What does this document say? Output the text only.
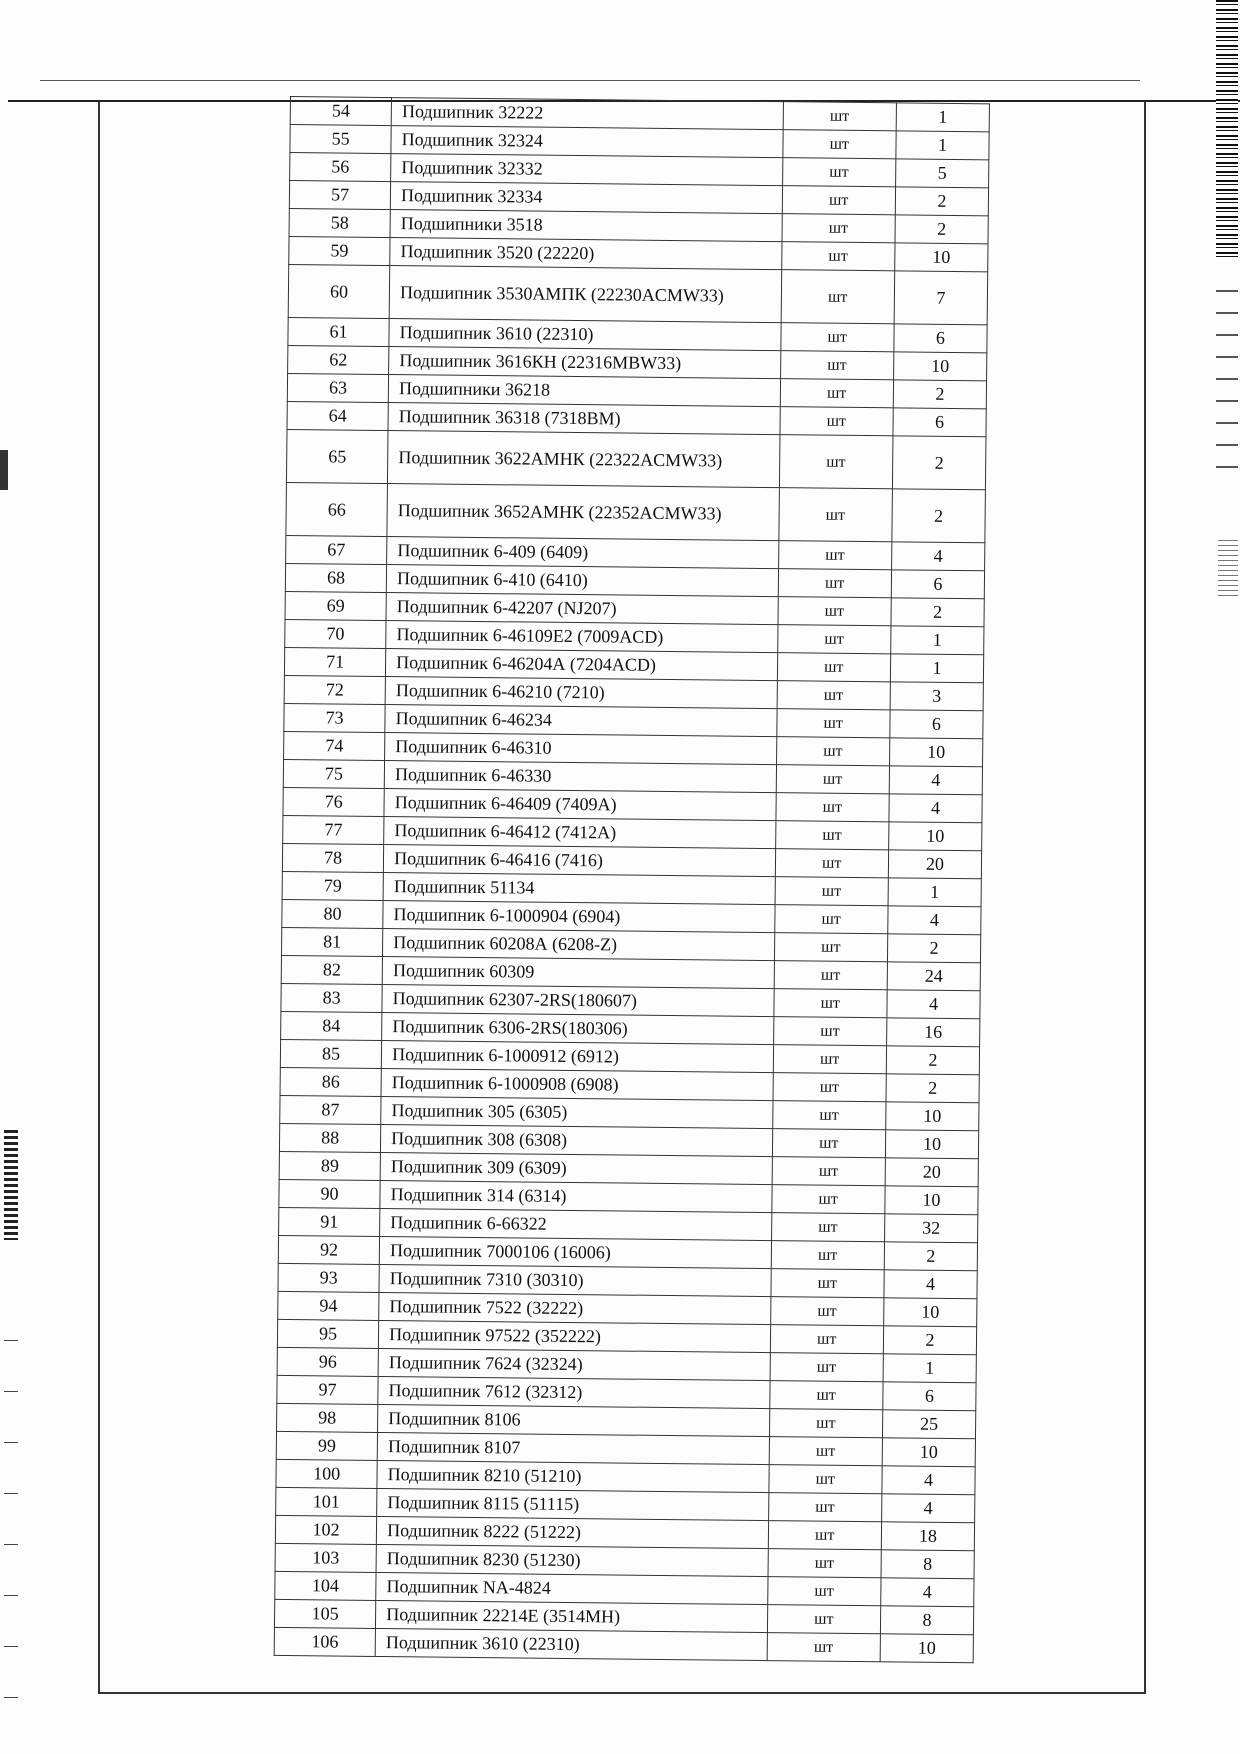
54	Подшипник 32222	шт	1
55	Подшипник 32324	шт	1
56	Подшипник 32332	шт	5
57	Подшипник 32334	шт	2
58	Подшипники 3518	шт	2
59	Подшипник 3520 (22220)	шт	10
60	Подшипник 3530АМПК (22230ACMW33)	шт	7
61	Подшипник 3610 (22310)	шт	6
62	Подшипник 3616КН (22316MBW33)	шт	10
63	Подшипники 36218	шт	2
64	Подшипник 36318 (7318ВМ)	шт	6
65	Подшипник 3622АМНК (22322ACMW33)	шт	2
66	Подшипник 3652АМНК (22352ACMW33)	шт	2
67	Подшипник 6-409 (6409)	шт	4
68	Подшипник 6-410 (6410)	шт	6
69	Подшипник 6-42207 (NJ207)	шт	2
70	Подшипник 6-46109Е2 (7009ACD)	шт	1
71	Подшипник 6-46204А (7204ACD)	шт	1
72	Подшипник 6-46210 (7210)	шт	3
73	Подшипник 6-46234	шт	6
74	Подшипник 6-46310	шт	10
75	Подшипник 6-46330	шт	4
76	Подшипник 6-46409 (7409А)	шт	4
77	Подшипник 6-46412 (7412А)	шт	10
78	Подшипник 6-46416 (7416)	шт	20
79	Подшипник 51134	шт	1
80	Подшипник 6-1000904 (6904)	шт	4
81	Подшипник 60208А (6208-Z)	шт	2
82	Подшипник 60309	шт	24
83	Подшипник 62307-2RS(180607)	шт	4
84	Подшипник 6306-2RS(180306)	шт	16
85	Подшипник 6-1000912 (6912)	шт	2
86	Подшипник 6-1000908 (6908)	шт	2
87	Подшипник 305 (6305)	шт	10
88	Подшипник 308 (6308)	шт	10
89	Подшипник 309 (6309)	шт	20
90	Подшипник 314 (6314)	шт	10
91	Подшипник 6-66322	шт	32
92	Подшипник 7000106 (16006)	шт	2
93	Подшипник 7310 (30310)	шт	4
94	Подшипник 7522 (32222)	шт	10
95	Подшипник 97522 (352222)	шт	2
96	Подшипник 7624 (32324)	шт	1
97	Подшипник 7612 (32312)	шт	6
98	Подшипник 8106	шт	25
99	Подшипник 8107	шт	10
100	Подшипник 8210 (51210)	шт	4
101	Подшипник 8115 (51115)	шт	4
102	Подшипник 8222 (51222)	шт	18
103	Подшипник 8230 (51230)	шт	8
104	Подшипник NA-4824	шт	4
105	Подшипник 22214Е (3514МН)	шт	8
106	Подшипник 3610 (22310)	шт	10
